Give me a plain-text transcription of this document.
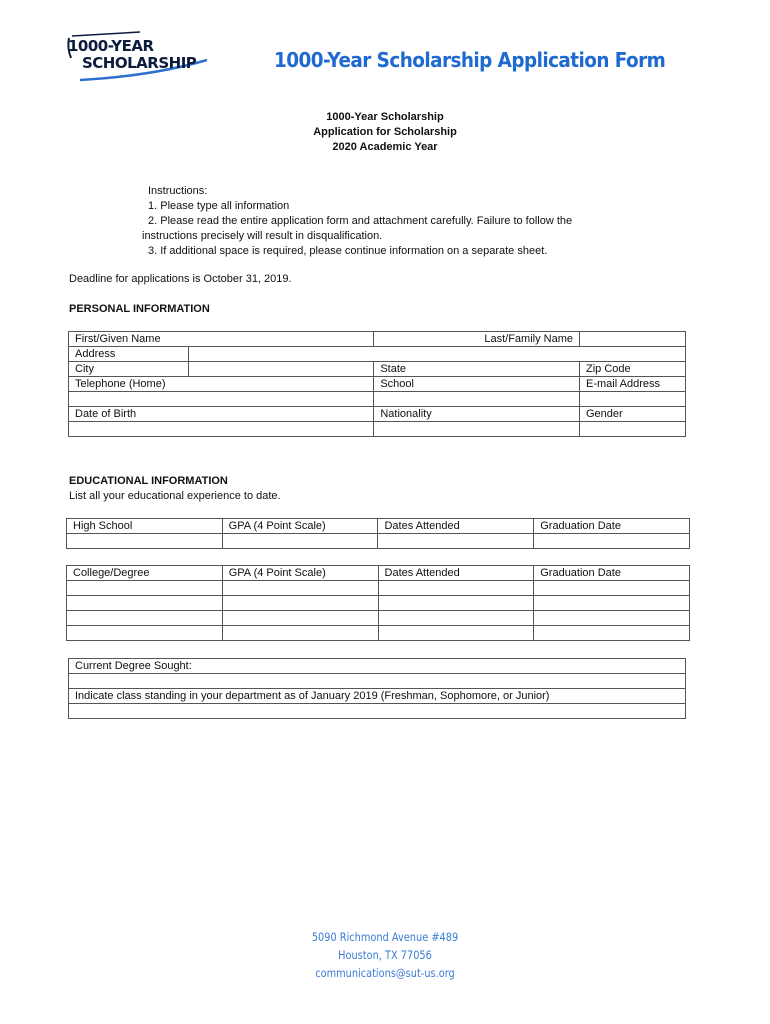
1000-YEAR
SCHOLARSHIP	1000-Year Scholarship Application Form
1000-Year Scholarship
Application for Scholarship
2020 Academic Year
Instructions:
1. Please type all information
2. Please read the entire application form and attachment carefully. Failure to follow the
instructions precisely will result in disqualification.
3. If additional space is required, please continue information on a separate sheet.
Deadline for applications is October 31, 2019.
PERSONAL INFORMATION
First/Given Name		Last/Family Name	
Address			
City		State	Zip Code
Telephone (Home)		School	E-mail Address

Date of Birth		Nationality	Gender

EDUCATIONAL INFORMATION
List all your educational experience to date.
High School	GPA (4 Point Scale)	Dates Attended	Graduation Date

College/Degree	GPA (4 Point Scale)	Dates Attended	Graduation Date

Current Degree Sought:

Indicate class standing in your department as of January 2019 (Freshman, Sophomore, or Junior)

5090 Richmond Avenue #489
Houston, TX 77056
communications@sut-us.org
